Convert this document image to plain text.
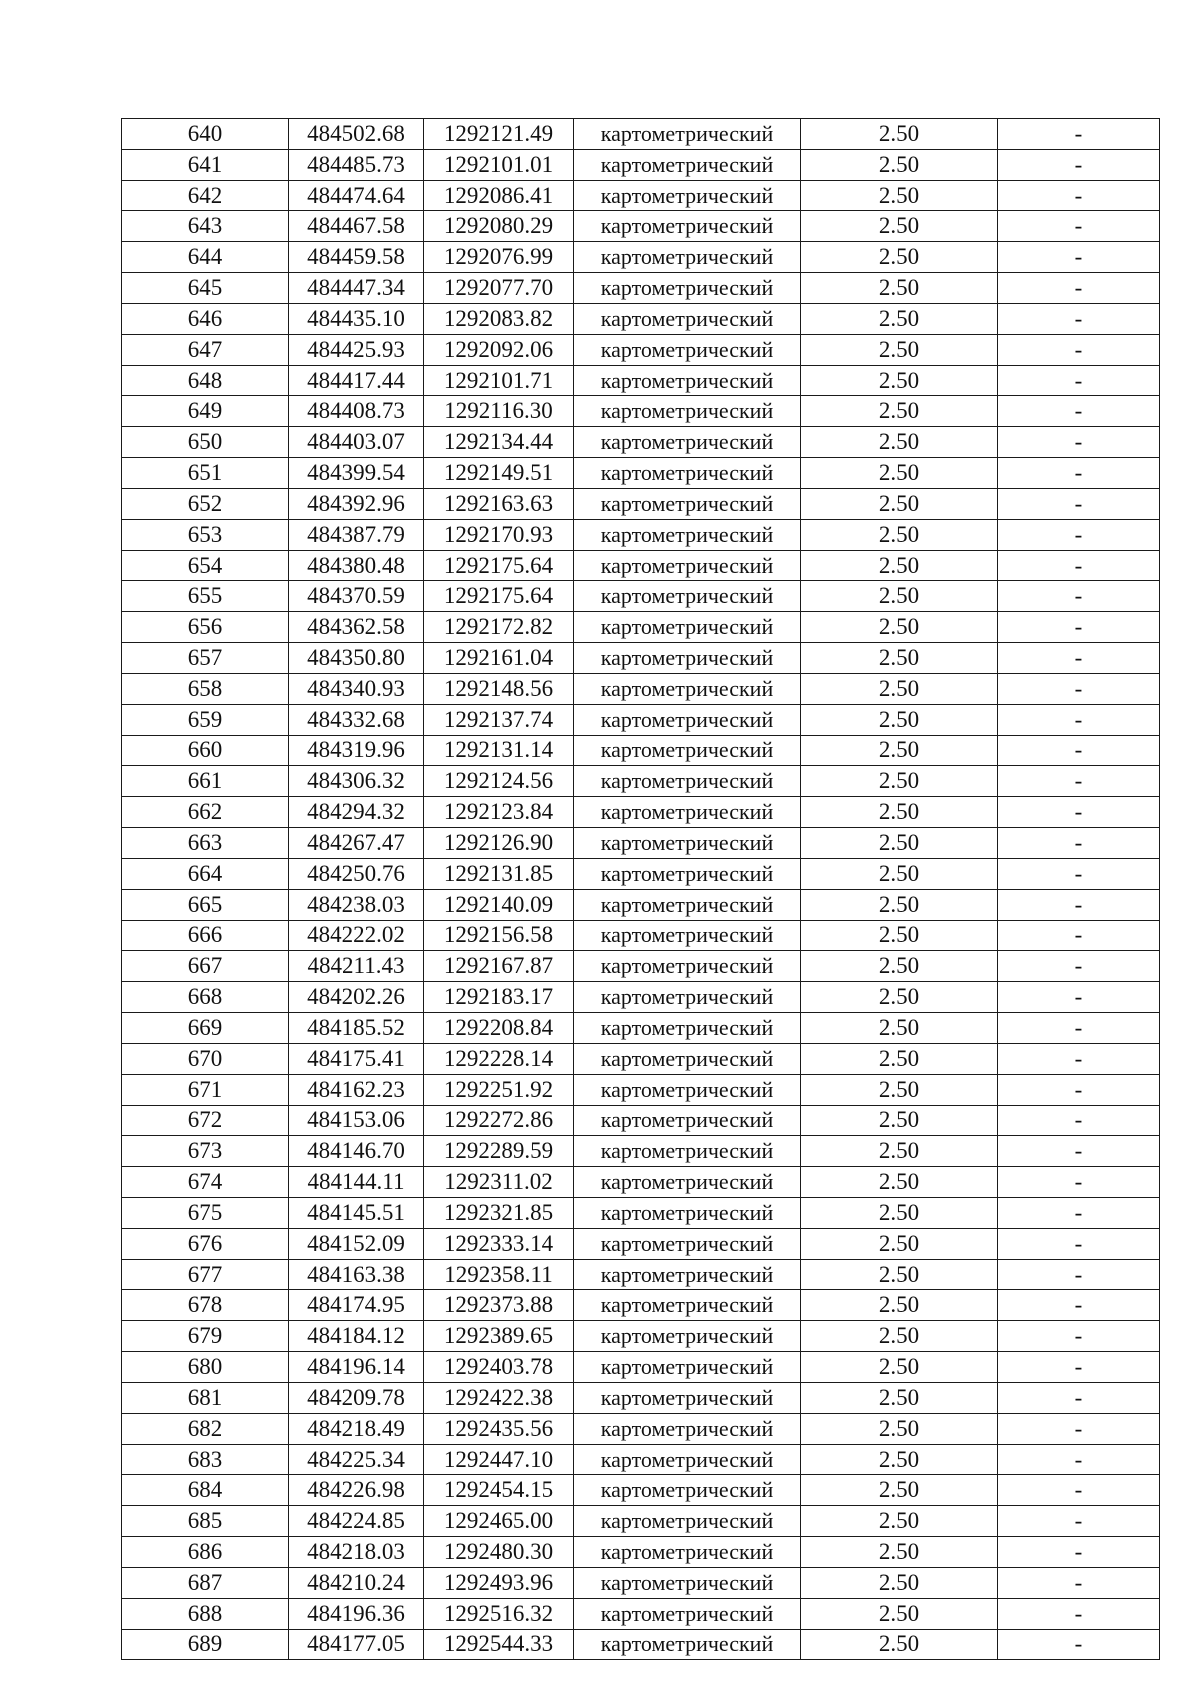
640	484502.68	1292121.49	картометрический	2.50	-
641	484485.73	1292101.01	картометрический	2.50	-
642	484474.64	1292086.41	картометрический	2.50	-
643	484467.58	1292080.29	картометрический	2.50	-
644	484459.58	1292076.99	картометрический	2.50	-
645	484447.34	1292077.70	картометрический	2.50	-
646	484435.10	1292083.82	картометрический	2.50	-
647	484425.93	1292092.06	картометрический	2.50	-
648	484417.44	1292101.71	картометрический	2.50	-
649	484408.73	1292116.30	картометрический	2.50	-
650	484403.07	1292134.44	картометрический	2.50	-
651	484399.54	1292149.51	картометрический	2.50	-
652	484392.96	1292163.63	картометрический	2.50	-
653	484387.79	1292170.93	картометрический	2.50	-
654	484380.48	1292175.64	картометрический	2.50	-
655	484370.59	1292175.64	картометрический	2.50	-
656	484362.58	1292172.82	картометрический	2.50	-
657	484350.80	1292161.04	картометрический	2.50	-
658	484340.93	1292148.56	картометрический	2.50	-
659	484332.68	1292137.74	картометрический	2.50	-
660	484319.96	1292131.14	картометрический	2.50	-
661	484306.32	1292124.56	картометрический	2.50	-
662	484294.32	1292123.84	картометрический	2.50	-
663	484267.47	1292126.90	картометрический	2.50	-
664	484250.76	1292131.85	картометрический	2.50	-
665	484238.03	1292140.09	картометрический	2.50	-
666	484222.02	1292156.58	картометрический	2.50	-
667	484211.43	1292167.87	картометрический	2.50	-
668	484202.26	1292183.17	картометрический	2.50	-
669	484185.52	1292208.84	картометрический	2.50	-
670	484175.41	1292228.14	картометрический	2.50	-
671	484162.23	1292251.92	картометрический	2.50	-
672	484153.06	1292272.86	картометрический	2.50	-
673	484146.70	1292289.59	картометрический	2.50	-
674	484144.11	1292311.02	картометрический	2.50	-
675	484145.51	1292321.85	картометрический	2.50	-
676	484152.09	1292333.14	картометрический	2.50	-
677	484163.38	1292358.11	картометрический	2.50	-
678	484174.95	1292373.88	картометрический	2.50	-
679	484184.12	1292389.65	картометрический	2.50	-
680	484196.14	1292403.78	картометрический	2.50	-
681	484209.78	1292422.38	картометрический	2.50	-
682	484218.49	1292435.56	картометрический	2.50	-
683	484225.34	1292447.10	картометрический	2.50	-
684	484226.98	1292454.15	картометрический	2.50	-
685	484224.85	1292465.00	картометрический	2.50	-
686	484218.03	1292480.30	картометрический	2.50	-
687	484210.24	1292493.96	картометрический	2.50	-
688	484196.36	1292516.32	картометрический	2.50	-
689	484177.05	1292544.33	картометрический	2.50	-
